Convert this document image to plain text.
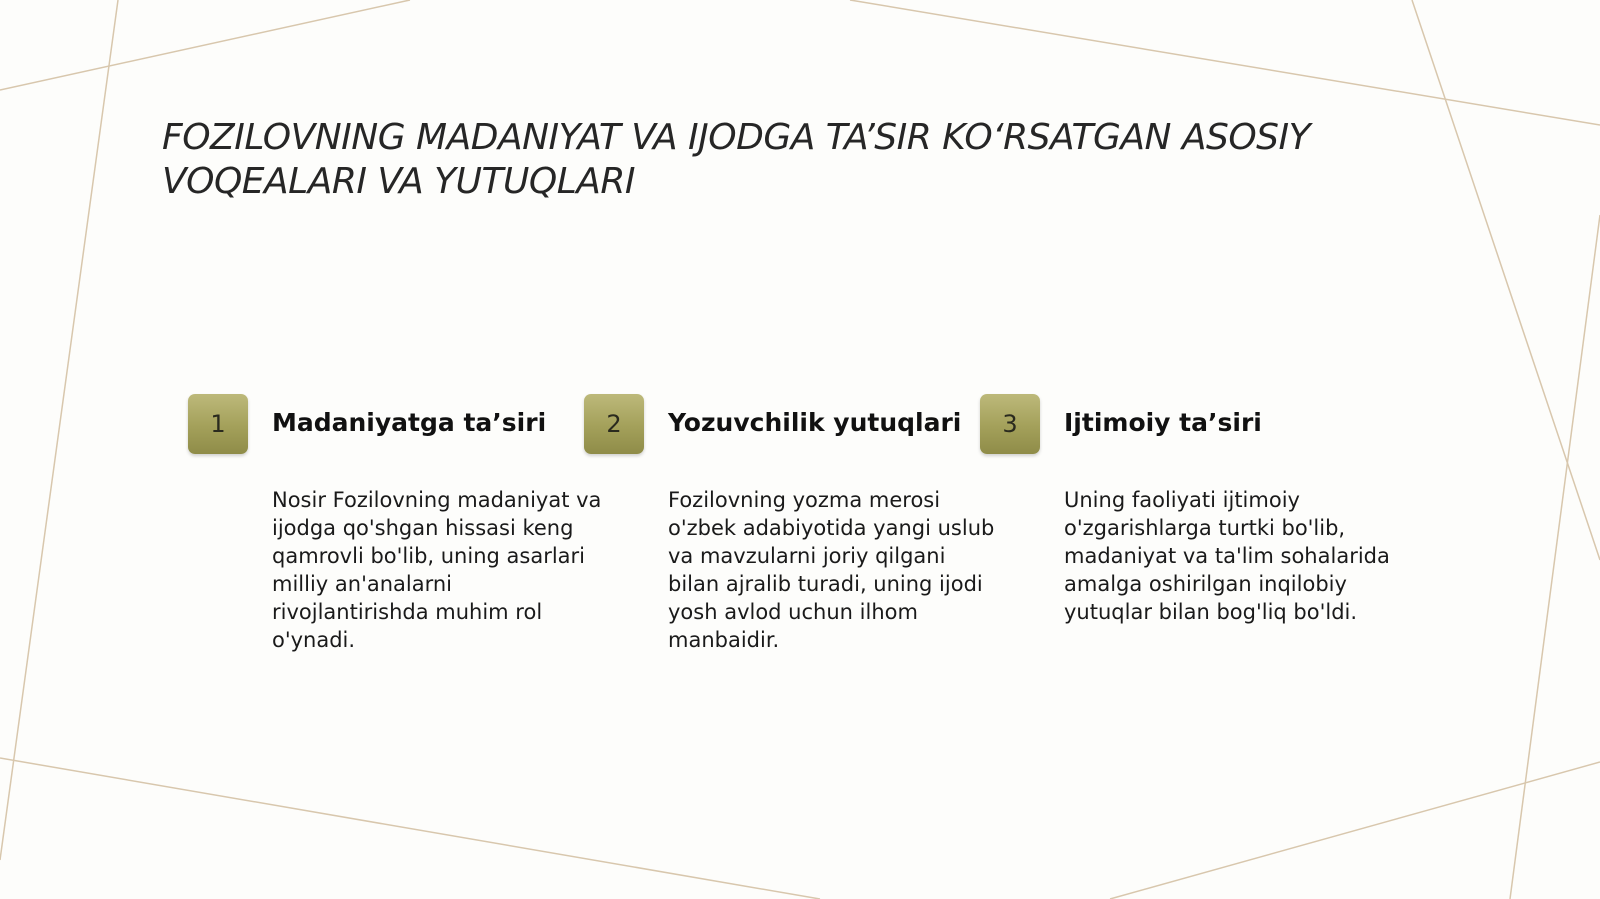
FOZILOVNING MADANIYAT VA IJODGA TA’SIR KO‘RSATGAN ASOSIY VOQEALARI VA YUTUQLARI
1	Madaniyatga ta’siri

Nosir Fozilovning madaniyat va ijodga qo'shgan hissasi keng qamrovli bo'lib, uning asarlari milliy an'analarni rivojlantirishda muhim rol o'ynadi.

2	Yozuvchilik yutuqlari

Fozilovning yozma merosi o'zbek adabiyotida yangi uslub va mavzularni joriy qilgani bilan ajralib turadi, uning ijodi yosh avlod uchun ilhom manbaidir.

3	Ijtimoiy ta’siri

Uning faoliyati ijtimoiy o'zgarishlarga turtki bo'lib, madaniyat va ta'lim sohalarida amalga oshirilgan inqilobiy yutuqlar bilan bog'liq bo'ldi.
